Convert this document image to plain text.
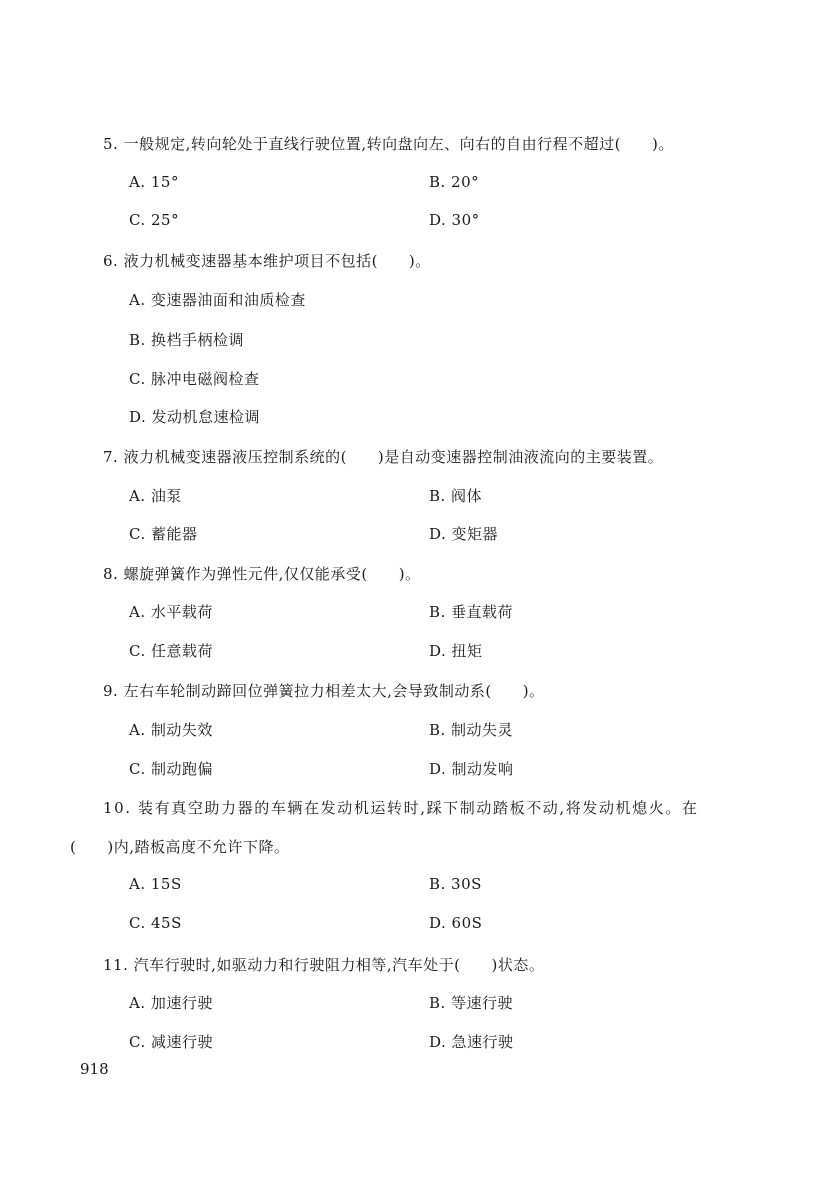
5. 一般规定,转向轮处于直线行驶位置,转向盘向左、向右的自由行程不超过(　　)。
A. 15°	B. 20°
C. 25°	D. 30°
6. 液力机械变速器基本维护项目不包括(　　)。
A. 变速器油面和油质检查
B. 换档手柄检调
C. 脉冲电磁阀检查
D. 发动机怠速检调
7. 液力机械变速器液压控制系统的(　　)是自动变速器控制油液流向的主要装置。
A. 油泵	B. 阀体
C. 蓄能器	D. 变矩器
8. 螺旋弹簧作为弹性元件,仅仅能承受(　　)。
A. 水平载荷	B. 垂直载荷
C. 任意载荷	D. 扭矩
9. 左右车轮制动蹄回位弹簧拉力相差太大,会导致制动系(　　)。
A. 制动失效	B. 制动失灵
C. 制动跑偏	D. 制动发响
10. 装有真空助力器的车辆在发动机运转时,踩下制动踏板不动,将发动机熄火。在
(　　)内,踏板高度不允许下降。
A. 15S	B. 30S
C. 45S	D. 60S
11. 汽车行驶时,如驱动力和行驶阻力相等,汽车处于(　　)状态。
A. 加速行驶	B. 等速行驶
C. 减速行驶	D. 急速行驶
918
